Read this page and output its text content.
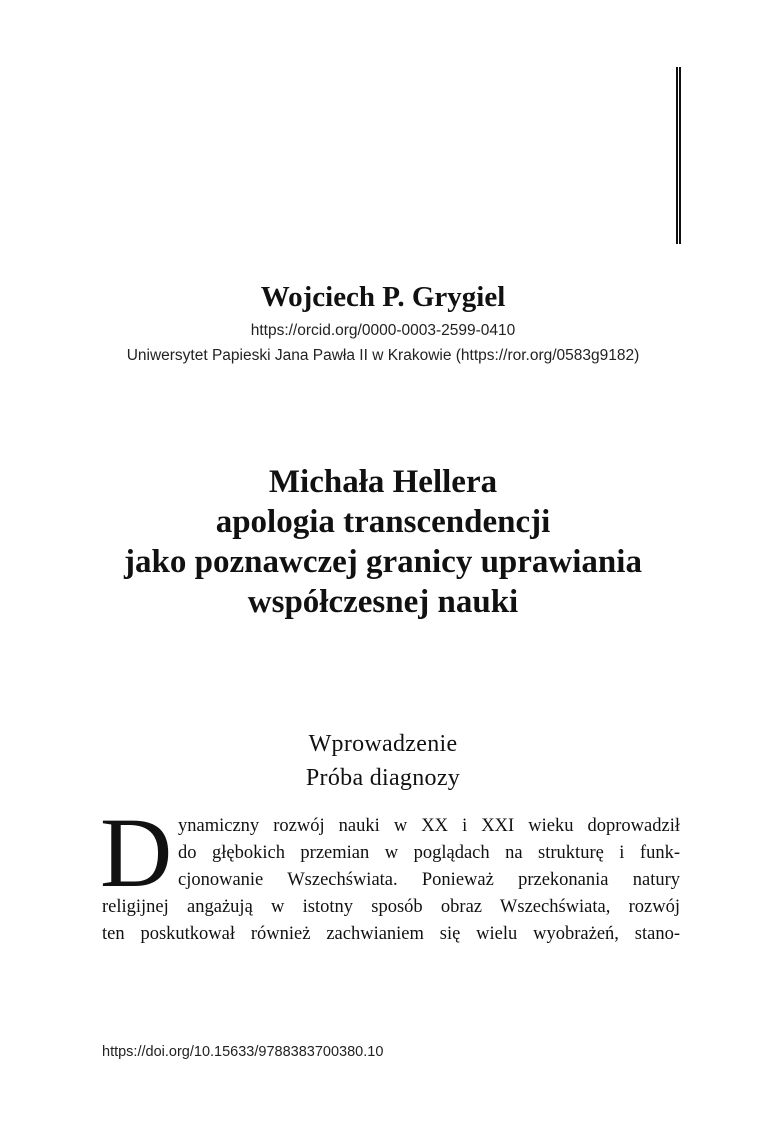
Wojciech P. Grygiel
https://orcid.org/0000-0003-2599-0410
Uniwersytet Papieski Jana Pawła II w Krakowie (https://ror.org/0583g9182)
Michała Hellera
apologia transcendencji
jako poznawczej granicy uprawiania
współczesnej nauki
Wprowadzenie
Próba diagnozy
D ynamiczny rozwój nauki w XX i XXI wieku doprowadził
do głębokich przemian w poglądach na strukturę i funk-
cjonowanie Wszechświata. Ponieważ przekonania natury
religijnej angażują w istotny sposób obraz Wszechświata, rozwój
ten poskutkował również zachwianiem się wielu wyobrażeń, stano-
https://doi.org/10.15633/9788383700380.10
